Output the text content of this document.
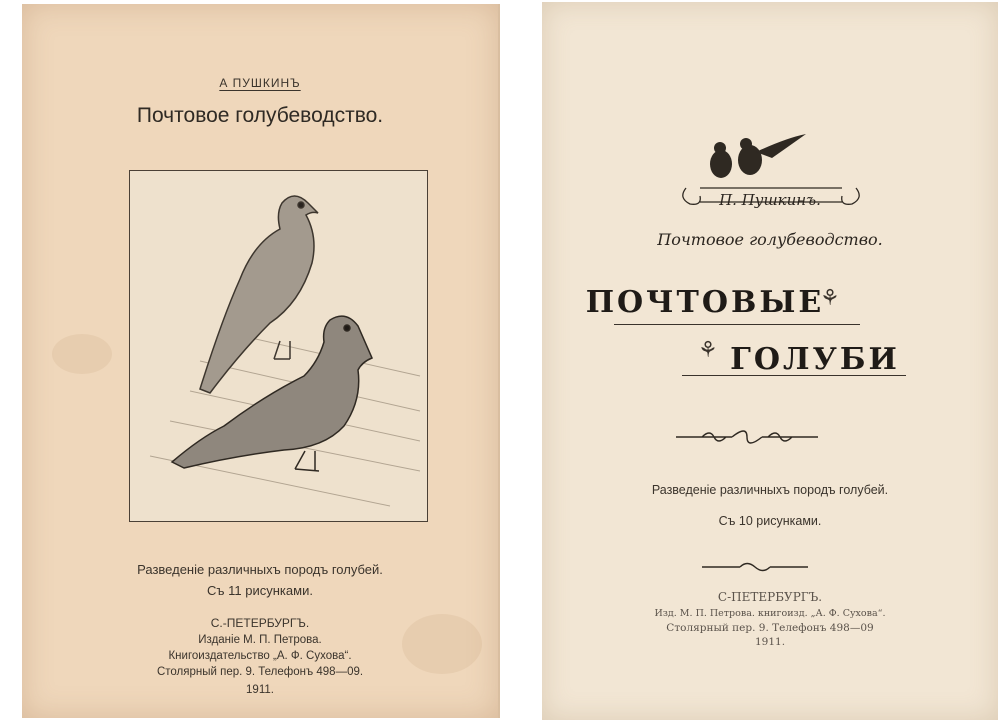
А ПУШКИНЪ
Почтовое голубеводство.
Разведенiе различныхъ породъ голубей.
Съ 11 рисунками.
С.-ПЕТЕРБУРГЪ.
Изданiе М. П. Петрова.
Книгоиздательство „А. Ф. Сухова“.
Столярный пер. 9. Телефонъ 498—09.
1911.
П. Пушкинъ.
Почтовое голубеводство.
ПОЧТОВЫЕ
⚘
ГОЛУБИ
⚘
Разведенiе различныхъ породъ голубей.
Съ 10 рисунками.
С-ПЕТЕРБУРГЪ.
Изд. М. П. Петрова. книгоизд. „А. Ф. Сухова“.
Столярный пер. 9. Телефонъ 498—09
1911.
